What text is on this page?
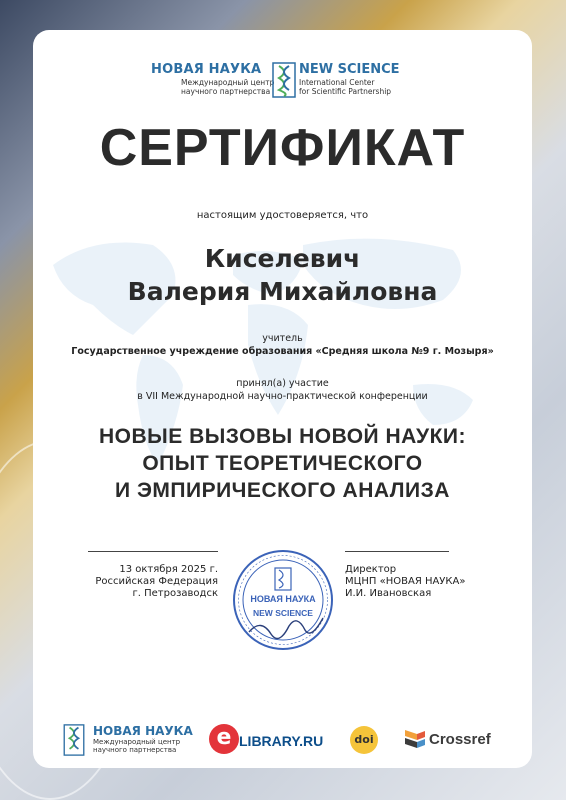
НОВАЯ НАУКА
Международный центр
научного партнерства
NEW SCIENCE
International Center
for Scientific Partnership
СЕРТИФИКАТ
настоящим удостоверяется, что
Киселевич
Валерия Михайловна
учитель
Государственное учреждение образования «Средняя школа №9 г. Мозыря»
принял(а) участие
в VII Международной научно-практической конференции
НОВЫЕ ВЫЗОВЫ НОВОЙ НАУКИ:
ОПЫТ ТЕОРЕТИЧЕСКОГО
И ЭМПИРИЧЕСКОГО АНАЛИЗА
13 октября 2025 г.
Российская Федерация
г. Петрозаводск
Директор
МЦНП «НОВАЯ НАУКА»
И.И. Ивановская
НОВАЯ НАУКА
NEW SCIENCE
НОВАЯ НАУКА
Международный центр
научного партнерства	e LIBRARY.RU	doi	Crossref
